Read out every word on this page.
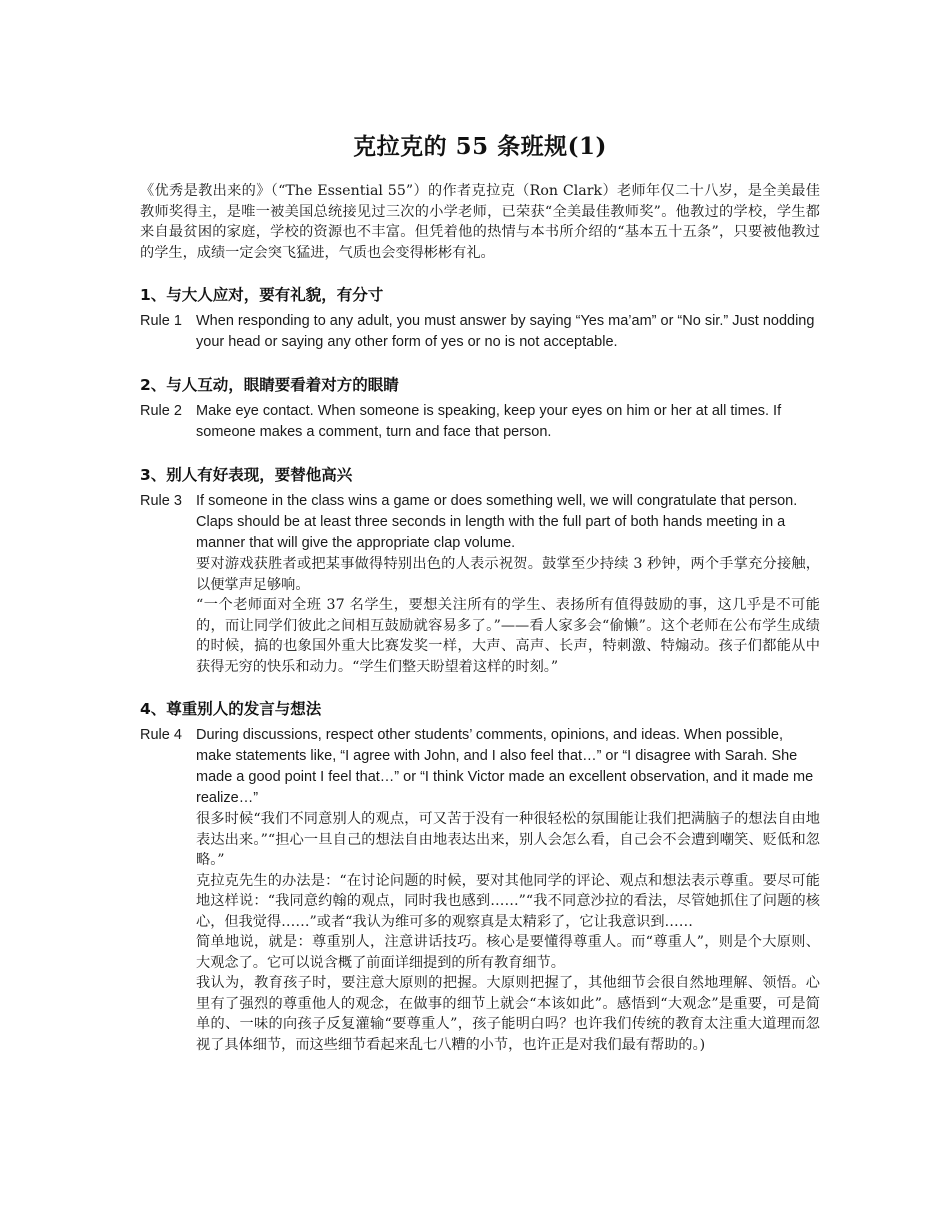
克拉克的 55 条班规(1)

《优秀是教出来的》（“The Essential 55”）的作者克拉克（Ron Clark）老师年仅二十八岁，是全美最佳教师奖得主，是唯一被美国总统接见过三次的小学老师，已荣获“全美最佳教师奖”。他教过的学校，学生都来自最贫困的家庭，学校的资源也不丰富。但凭着他的热情与本书所介绍的“基本五十五条”，只要被他教过的学生，成绩一定会突飞猛进，气质也会变得彬彬有礼。

1、与大人应对，要有礼貌，有分寸
Rule 1 When responding to any adult, you must answer by saying “Yes ma’am” or “No sir.” Just nodding your head or saying any other form of yes or no is not acceptable.

2、与人互动，眼睛要看着对方的眼睛
Rule 2 Make eye contact. When someone is speaking, keep your eyes on him or her at all times. If someone makes a comment, turn and face that person.

3、别人有好表现，要替他高兴
Rule 3 If someone in the class wins a game or does something well, we will congratulate that person. Claps should be at least three seconds in length with the full part of both hands meeting in a manner that will give the appropriate clap volume.

要对游戏获胜者或把某事做得特别出色的人表示祝贺。鼓掌至少持续 3 秒钟，两个手掌充分接触，以便掌声足够响。

“一个老师面对全班 37 名学生，要想关注所有的学生、表扬所有值得鼓励的事，这几乎是不可能的，而让同学们彼此之间相互鼓励就容易多了。”——看人家多会“偷懒”。这个老师在公布学生成绩的时候，搞的也象国外重大比赛发奖一样，大声、高声、长声，特刺激、特煽动。孩子们都能从中获得无穷的快乐和动力。“学生们整天盼望着这样的时刻。”

4、尊重别人的发言与想法
Rule 4 During discussions, respect other students’ comments, opinions, and ideas. When possible, make statements like, “I agree with John, and I also feel that…” or “I disagree with Sarah. She made a good point I feel that…” or “I think Victor made an excellent observation, and it made me realize…”

很多时候“我们不同意别人的观点，可又苦于没有一种很轻松的氛围能让我们把满脑子的想法自由地表达出来。”“担心一旦自己的想法自由地表达出来，别人会怎么看，自己会不会遭到嘲笑、贬低和忽略。”

克拉克先生的办法是：“在讨论问题的时候，要对其他同学的评论、观点和想法表示尊重。要尽可能地这样说：“我同意约翰的观点，同时我也感到……”“我不同意沙拉的看法，尽管她抓住了问题的核心，但我觉得……”或者“我认为维可多的观察真是太精彩了，它让我意识到……

简单地说，就是：尊重别人，注意讲话技巧。核心是要懂得尊重人。而“尊重人”，则是个大原则、大观念了。它可以说含概了前面详细提到的所有教育细节。

我认为，教育孩子时，要注意大原则的把握。大原则把握了，其他细节会很自然地理解、领悟。心里有了强烈的尊重他人的观念，在做事的细节上就会“本该如此”。感悟到“大观念”是重要，可是简单的、一味的向孩子反复灌输“要尊重人”，孩子能明白吗？也许我们传统的教育太注重大道理而忽视了具体细节，而这些细节看起来乱七八糟的小节，也许正是对我们最有帮助的。)
